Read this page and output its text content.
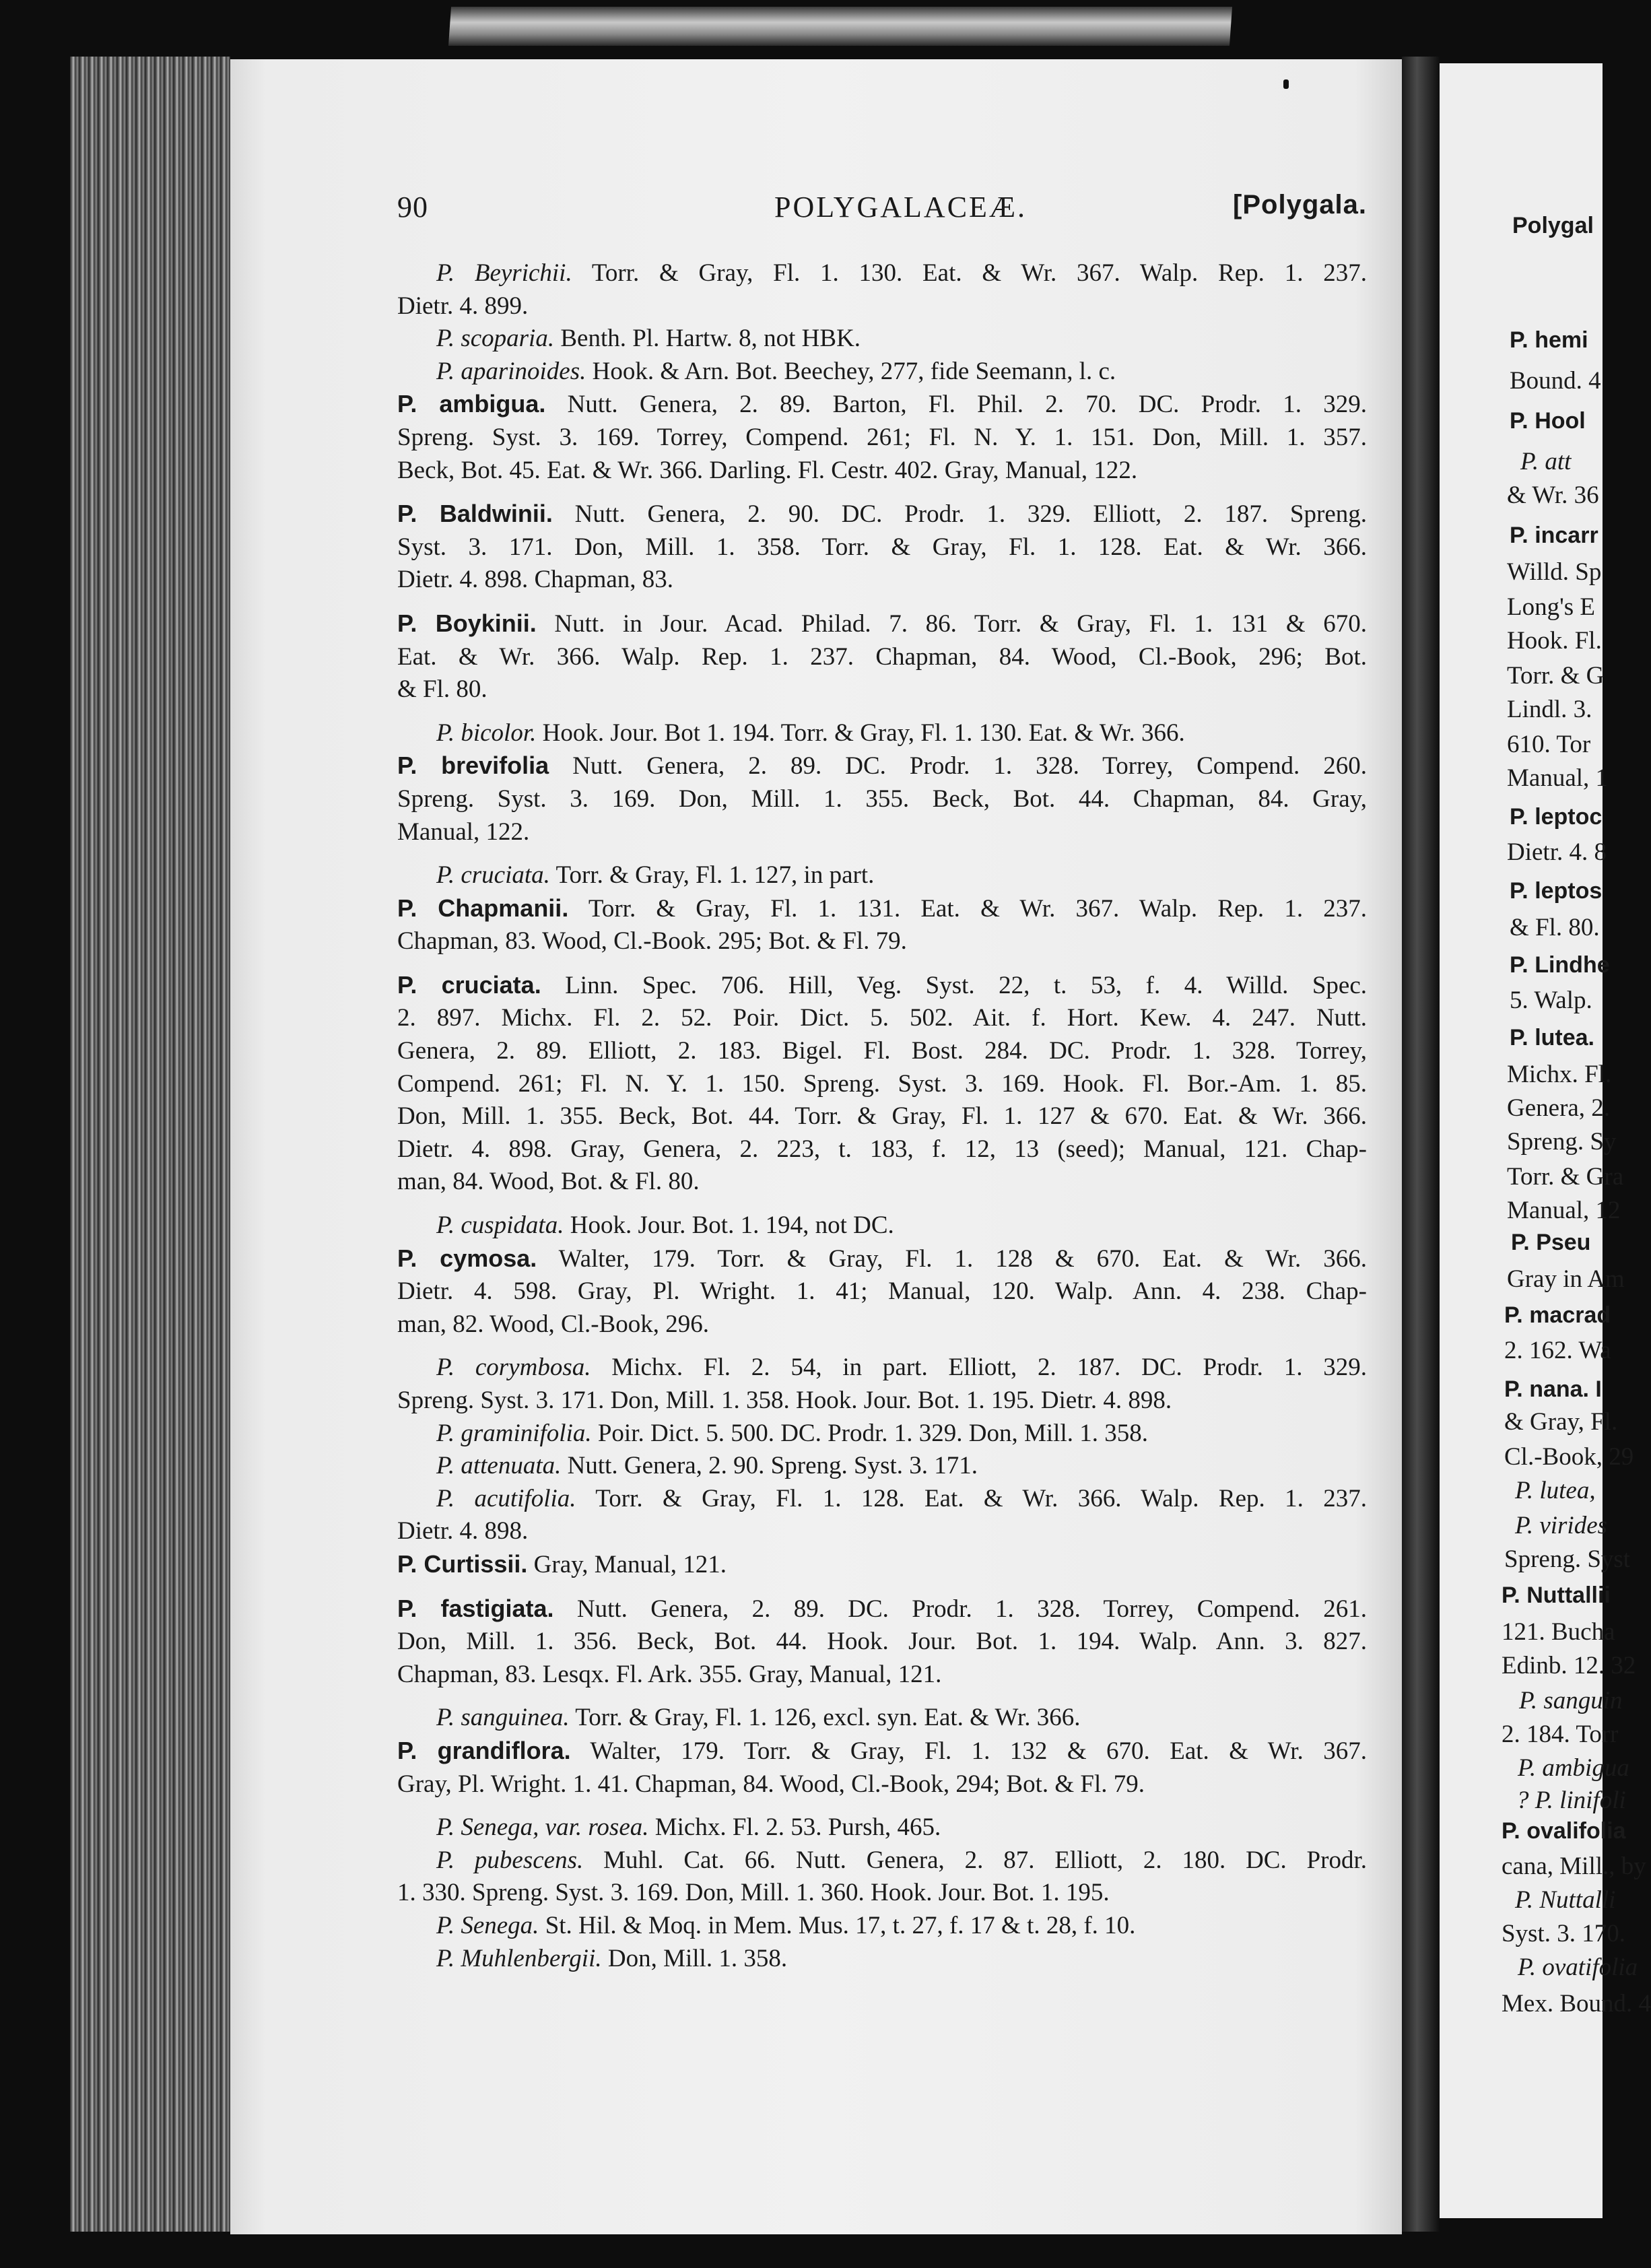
Polygal
P. hemi
Bound. 4
P. Hool
P. att
& Wr. 36
P. incarr
Willd. Sp
Long's E
Hook. Fl.
Torr. & G
Lindl. 3.
610. Tor
Manual, 1
P. leptoc
Dietr. 4. 8
P. leptos
& Fl. 80.
P. Lindhe
5. Walp.
P. lutea.
Michx. Fl.
Genera, 2.
Spreng. Sy
Torr. & Gra
Manual, 12
P. Pseu
Gray in Am
P. macrad
2. 162. Wa
P. nana. I
& Gray, Fl.
Cl.-Book, 29
P. lutea,
P. virides
Spreng. Syst
P. Nuttallii
121. Bucha
Edinb. 12. 32
P. sanguin
2. 184. Torr
P. ambigua
? P. linifoli
P. ovalifolia
cana, Mill., by
P. Nuttalli
Syst. 3. 170.
P. ovatifolia
Mex. Bound. 4
90	POLYGALACEÆ.	[Polygala.
P. Beyrichii. Torr. & Gray, Fl. 1. 130. Eat. & Wr. 367. Walp. Rep. 1. 237.
Dietr. 4. 899.
P. scoparia. Benth. Pl. Hartw. 8, not HBK.
P. aparinoides. Hook. & Arn. Bot. Beechey, 277, fide Seemann, l. c.
P. ambigua. Nutt. Genera, 2. 89. Barton, Fl. Phil. 2. 70. DC. Prodr. 1. 329.
Spreng. Syst. 3. 169. Torrey, Compend. 261; Fl. N. Y. 1. 151. Don, Mill. 1. 357.
Beck, Bot. 45. Eat. & Wr. 366. Darling. Fl. Cestr. 402. Gray, Manual, 122.
P. Baldwinii. Nutt. Genera, 2. 90. DC. Prodr. 1. 329. Elliott, 2. 187. Spreng.
Syst. 3. 171. Don, Mill. 1. 358. Torr. & Gray, Fl. 1. 128. Eat. & Wr. 366.
Dietr. 4. 898. Chapman, 83.
P. Boykinii. Nutt. in Jour. Acad. Philad. 7. 86. Torr. & Gray, Fl. 1. 131 & 670.
Eat. & Wr. 366. Walp. Rep. 1. 237. Chapman, 84. Wood, Cl.-Book, 296; Bot.
& Fl. 80.
P. bicolor. Hook. Jour. Bot 1. 194. Torr. & Gray, Fl. 1. 130. Eat. & Wr. 366.
P. brevifolia Nutt. Genera, 2. 89. DC. Prodr. 1. 328. Torrey, Compend. 260.
Spreng. Syst. 3. 169. Don, Mill. 1. 355. Beck, Bot. 44. Chapman, 84. Gray,
Manual, 122.
P. cruciata. Torr. & Gray, Fl. 1. 127, in part.
P. Chapmanii. Torr. & Gray, Fl. 1. 131. Eat. & Wr. 367. Walp. Rep. 1. 237.
Chapman, 83. Wood, Cl.-Book. 295; Bot. & Fl. 79.
P. cruciata. Linn. Spec. 706. Hill, Veg. Syst. 22, t. 53, f. 4. Willd. Spec.
2. 897. Michx. Fl. 2. 52. Poir. Dict. 5. 502. Ait. f. Hort. Kew. 4. 247. Nutt.
Genera, 2. 89. Elliott, 2. 183. Bigel. Fl. Bost. 284. DC. Prodr. 1. 328. Torrey,
Compend. 261; Fl. N. Y. 1. 150. Spreng. Syst. 3. 169. Hook. Fl. Bor.-Am. 1. 85.
Don, Mill. 1. 355. Beck, Bot. 44. Torr. & Gray, Fl. 1. 127 & 670. Eat. & Wr. 366.
Dietr. 4. 898. Gray, Genera, 2. 223, t. 183, f. 12, 13 (seed); Manual, 121. Chap-
man, 84. Wood, Bot. & Fl. 80.
P. cuspidata. Hook. Jour. Bot. 1. 194, not DC.
P. cymosa. Walter, 179. Torr. & Gray, Fl. 1. 128 & 670. Eat. & Wr. 366.
Dietr. 4. 598. Gray, Pl. Wright. 1. 41; Manual, 120. Walp. Ann. 4. 238. Chap-
man, 82. Wood, Cl.-Book, 296.
P. corymbosa. Michx. Fl. 2. 54, in part. Elliott, 2. 187. DC. Prodr. 1. 329.
Spreng. Syst. 3. 171. Don, Mill. 1. 358. Hook. Jour. Bot. 1. 195. Dietr. 4. 898.
P. graminifolia. Poir. Dict. 5. 500. DC. Prodr. 1. 329. Don, Mill. 1. 358.
P. attenuata. Nutt. Genera, 2. 90. Spreng. Syst. 3. 171.
P. acutifolia. Torr. & Gray, Fl. 1. 128. Eat. & Wr. 366. Walp. Rep. 1. 237.
Dietr. 4. 898.
P. Curtissii. Gray, Manual, 121.
P. fastigiata. Nutt. Genera, 2. 89. DC. Prodr. 1. 328. Torrey, Compend. 261.
Don, Mill. 1. 356. Beck, Bot. 44. Hook. Jour. Bot. 1. 194. Walp. Ann. 3. 827.
Chapman, 83. Lesqx. Fl. Ark. 355. Gray, Manual, 121.
P. sanguinea. Torr. & Gray, Fl. 1. 126, excl. syn. Eat. & Wr. 366.
P. grandiflora. Walter, 179. Torr. & Gray, Fl. 1. 132 & 670. Eat. & Wr. 367.
Gray, Pl. Wright. 1. 41. Chapman, 84. Wood, Cl.-Book, 294; Bot. & Fl. 79.
P. Senega, var. rosea. Michx. Fl. 2. 53. Pursh, 465.
P. pubescens. Muhl. Cat. 66. Nutt. Genera, 2. 87. Elliott, 2. 180. DC. Prodr.
1. 330. Spreng. Syst. 3. 169. Don, Mill. 1. 360. Hook. Jour. Bot. 1. 195.
P. Senega. St. Hil. & Moq. in Mem. Mus. 17, t. 27, f. 17 & t. 28, f. 10.
P. Muhlenbergii. Don, Mill. 1. 358.
